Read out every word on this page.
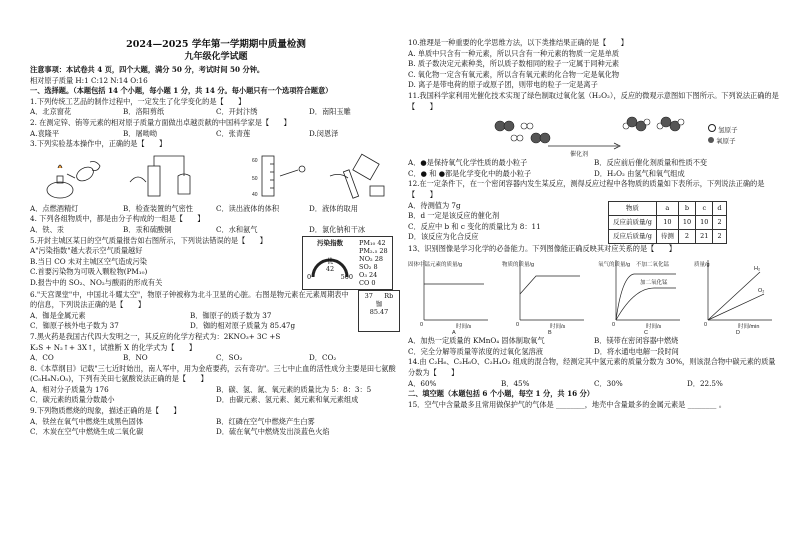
2024—2025 学年第一学期期中质量检测
九年级化学试题
注意事项：本试卷共 4 页，四个大题，满分 50 分，考试时间 50 分钟。
相对原子质量 H:1 C:12 N:14 O:16
一、选择题。（本题包括 14 个小题，每小题 1 分，共 14 分。每小题只有一个选项符合题意）
1.下列传统工艺品的制作过程中，一定发生了化学变化的是【　　】
A．北京窗花	B．洛阳剪纸	C．开封汴绣	D．南阳玉雕
2. 在测定锌、铕等元素的相对原子质量方面做出卓越贡献的中国科学家是【　　】
A.袁隆平	B．屠呦呦	C．张青莲	D.闵恩泽
3.下列实验基本操作中，正确的是【　　】
60
50
40
A．点燃酒精灯	B．检查装置的气密性	C．读出液体的体积	D．液体的取用
4. 下列各组物质中，都是由分子构成的一组是【　　】
A．铁、汞	B．汞和硫酸铜	C．水和氨气	D．氯化钠和干冰
5.开封主城区某日的空气质量报告如右图所示，下列说法错误的是【　　】
A"污染指数"越大表示空气质量越好
B.当日 CO 未对主城区空气造成污染
C.首要污染物为可吸入颗粒物(PM₁₀)
D.报告中的 SO₂、NO₂与酸雨的形成有关
污染指数
优
42
0	500
PM₁₀ 42
PM₂.₅ 28
NO₂ 28
SO₂ 8
O₃ 24
CO 0
6."天宫课堂"中，中国北斗耀太空"，物原子钟被称为北斗卫星的心脏。右图是物元素在元素周期表中的信息，下列说法正确的是【　　】
A．铷是金属元素	B．铷原子的质子数为 37
C．铷原子核外电子数为 37	D．铷的相对原子质量为 85.47g
37 Rb
铷
85.47
7.黑火药是我国古代四大发明之一，其反应的化学方程式为：2KNO₃+ 3C +S
K₂S + N₂↑+ 3X↑，试推断 X 的化学式为【　　】
A．CO	B．NO	C．SO₂	D．CO₂
8.《本草纲目》记载"三七近时始出，南人军中，用为金疮要药，云有奇功"。三七中止血的活性成分主要是田七氨酸(C₅H₈N₂O₅)，下列有关田七氨酸说法正确的是【　　】
A．相对分子质量为 176	B．碳、氢、氮、氧元素的质量比为 5：8：3：5
C．碳元素的质量分数最小	D．由碳元素、氢元素、氮元素和氧元素组成
9.下列物质燃烧的现象，描述正确的是【　　】
A．铁丝在氧气中燃烧生成黑色固体	B．红磷在空气中燃烧产生白雾
C．木炭在空气中燃烧生成二氧化碳	D．硫在氧气中燃烧发出淡蓝色火焰
10.推理是一种重要的化学思维方法，以下类推结果正确的是【　　】
A. 单质中只含有一种元素，所以只含有一种元素的物质一定是单质
B. 质子数决定元素种类，所以质子数相同的粒子一定属于同种元素
C. 氧化物一定含有氧元素，所以含有氧元素的化合物一定是氧化物
D. 离子是带电荷的原子或原子团，则带电的粒子一定是离子
11.我国科学家利用光催化技术实现了绿色制取过氧化氢（H₂O₂），反应的微观示意图如下图所示。下列说法正确的是【　　】
催化剂
氢原子
氧原子
A．●是保持氧气化学性质的最小粒子	B．反应前后催化剂质量和性质不变
C．● 和 ●都是化学变化中的最小粒子	D．H₂O₂ 由氢气和氧气组成
12.在一定条件下，在一个密闭容器内发生某反应，测得反应过程中各物质的质量如下表所示，下列说法正确的是【　　】
A．待测值为 7g
B．d 一定是该反应的催化剂
C．反应中 b 和 c 变化的质量比为 8：11
D．该反应为化合反应
物质	a	b	c	d
反应前质量/g	10	10	10	2
反应后质量/g	待测	2	21	2
13、识别图像是学习化学的必备能力。下列图像能正确反映其对应关系的是【　　】
固体中锰元素的质量/g
时间/s
0
A
物质的质量/g
时间/s
0
B
氧气的质量/g 不加二氧化锰
加二氧化锰
时间/s
0
C
质量/g
H₂
O₂
时间/min
0
D
A．加热一定质量的 KMnO₄ 固体制取氧气	B．镁带在密闭容器中燃烧
C．完全分解等质量等浓度的过氧化氢溶液	D．将水通电电解一段时间
14.由 C₂H₆、C₂H₆O、C₂H₄O₂ 组成的混合物，经测定其中氢元素的质量分数为 30%，则该混合物中碳元素的质量分数为【　　】
A．60%	B．45%	C．30%	D．22.5%
二、填空题（本题包括 6 个小题，每空 1 分，共 16 分）
15．空气中含量最多且常用做保护气的气体是 ________，地壳中含量最多的金属元素是 ________ 。
